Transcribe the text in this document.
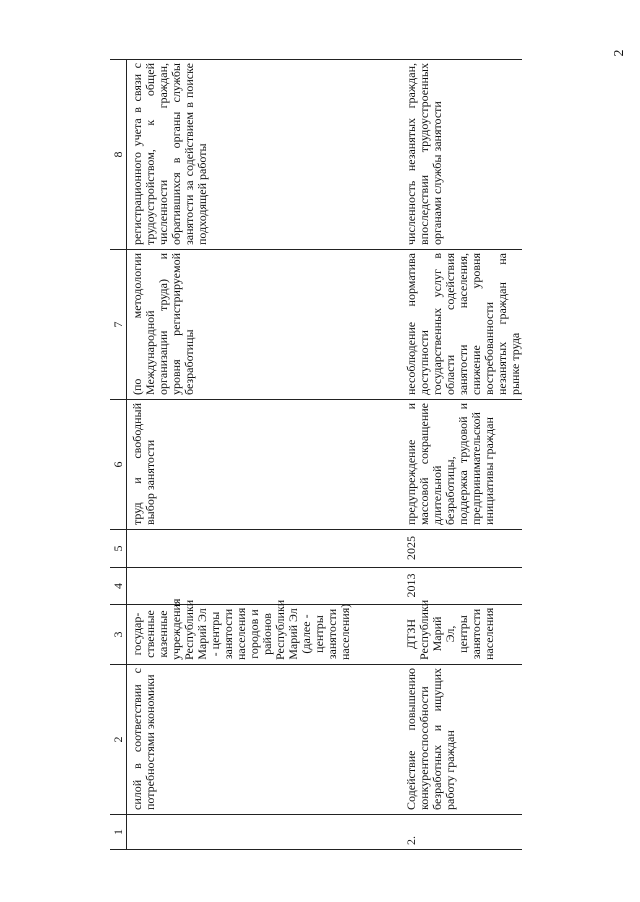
2
1	2	3	4	5	6	7	8
	силой в соответствии с потребностями экономики	государ-ственные казенные учреждения Республики Марий Эл - центры занятости населения городов и районов Республики Марий Эл (далее - центры занятости населения)			труд и свободный выбор занятости	(по методологии Международной организации труда) и уровня регистрируемой безработицы	регистрационного учета в связи с трудоустройством, к общей численности граждан, обратившихся в органы службы занятости за содействием в поиске подходящей работы
2.	Содействие повышению конкурентоспособности безработных и ищущих работу граждан	ДТЗН Республики Марий Эл, центры занятости населения	2013	2025	предупреждение и массовой сокращение длительной безработицы, поддержка трудовой и предпринимательской инициативы граждан	несоблюдение нормативa доступности государственных услуг в области содействия занятости населения, снижение уровня востребованности незанятых граждан на рынке труда	численность незанятых граждан, впоследствии трудоустроенных органами службы занятости
